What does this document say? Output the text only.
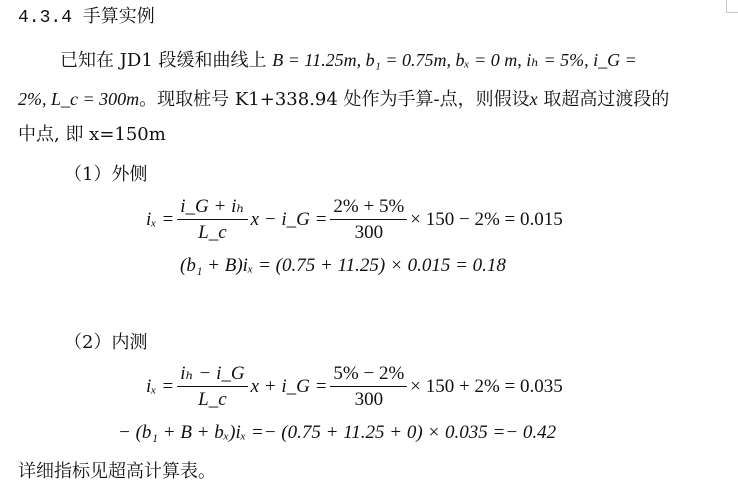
4.3.4 手算实例
已知在 JD1 段缓和曲线上 B = 11.25m, b₁ = 0.75m, bₓ = 0 m, iₕ = 5%, i_G =
2%, L_c = 300m。现取桩号 K1+338.94 处作为手算-点，则假设x 取超高过渡段的
中点, 即 x=150m
（1）外侧
$i_x = \frac{\text{i\_G + iₕ}}{L\_c}$ x − i_G = $\frac{2\% + 5\%}{300} \times 150 - 2\% = 0.015$
(b₁ + B)iₓ = (0.75 + 11.25) × 0.015 = 0.18
（2）内测
$i_x = \frac{\text{iₕ − i\_G}}{L\_c}$ x + i_G = $\frac{5\% - 2\%}{300} \times 150 + 2\% = 0.035$
− (b₁ + B + bₓ)iₓ =− (0.75 + 11.25 + 0) × 0.035 =− 0.42
详细指标见超高计算表。
